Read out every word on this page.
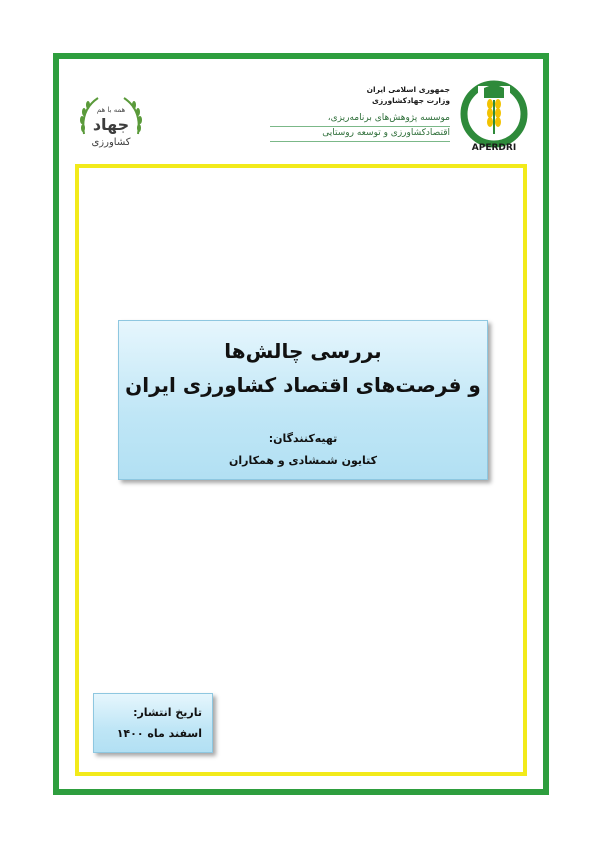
همه با هم
جهاد
کشاورزی
جمهوری اسلامی ایران
وزارت جهادکشاورزی
موسسه پژوهش‌های برنامه‌ریزی،
اقتصادکشاورزی و توسعه روستایی
APERDRI
بررسی چالش‌ها
و فرصت‌های اقتصاد کشاورزی ایران
تهیه‌کنندگان:
کتایون شمشادی و همکاران
تاریخ انتشار:
اسفند ماه ۱۴۰۰
